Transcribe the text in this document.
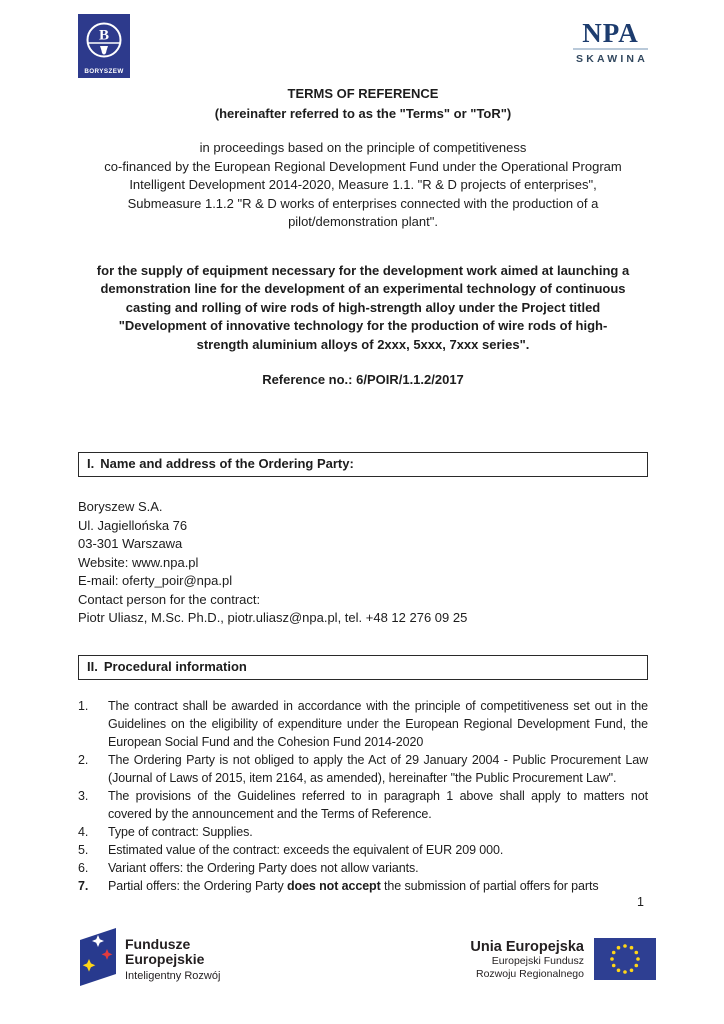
B
BORYSZEW
NPA
SKAWINA
TERMS OF REFERENCE
(hereinafter referred to as the "Terms" or "ToR")
in proceedings based on the principle of competitiveness
co-financed by the European Regional Development Fund under the Operational Program
Intelligent Development 2014-2020, Measure 1.1. "R & D projects of enterprises",
Submeasure 1.1.2 "R & D works of enterprises connected with the production of a
pilot/demonstration plant".
for the supply of equipment necessary for the development work aimed at launching a
demonstration line for the development of an experimental technology of continuous
casting and rolling of wire rods of high-strength alloy under the Project titled
"Development of innovative technology for the production of wire rods of high-
strength aluminium alloys of 2xxx, 5xxx, 7xxx series".
Reference no.: 6/POIR/1.1.2/2017
I. Name and address of the Ordering Party:
Boryszew S.A.
Ul. Jagiellońska 76
03-301 Warszawa
Website: www.npa.pl
E-mail: oferty_poir@npa.pl
Contact person for the contract:
Piotr Uliasz, M.Sc. Ph.D., piotr.uliasz@npa.pl, tel. +48 12 276 09 25
II. Procedural information
1.	The contract shall be awarded in accordance with the principle of competitiveness set out in the Guidelines on the eligibility of expenditure under the European Regional Development Fund, the European Social Fund and the Cohesion Fund 2014-2020
2.	The Ordering Party is not obliged to apply the Act of 29 January 2004 - Public Procurement Law (Journal of Laws of 2015, item 2164, as amended), hereinafter "the Public Procurement Law".
3.	The provisions of the Guidelines referred to in paragraph 1 above shall apply to matters not covered by the announcement and the Terms of Reference.
4.	Type of contract: Supplies.
5.	Estimated value of the contract: exceeds the equivalent of EUR 209 000.
6.	Variant offers: the Ordering Party does not allow variants.
7.	Partial offers: the Ordering Party does not accept the submission of partial offers for parts
1
Fundusze
Europejskie
Inteligentny Rozwój
Unia Europejska
Europejski Fundusz
Rozwoju Regionalnego
